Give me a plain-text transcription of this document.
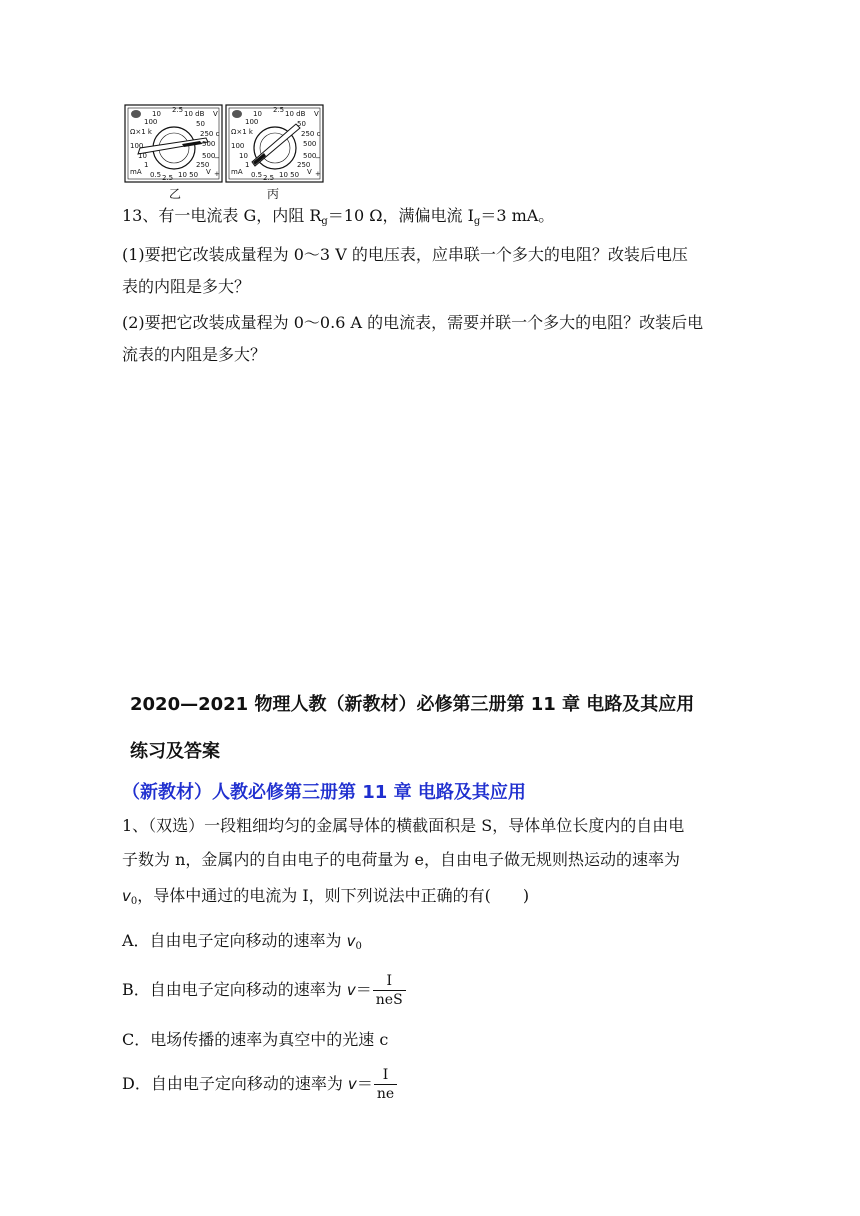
10 2.5 10 dB
100	50
Ω×1 k	250 c
100	500
10	500
1	250
mA 0.5 2.5 10 50 V +
V
−
10 2.5 10 dB
100	50
Ω×1 k	250 c
100	500
10	500
1	250
mA 0.5 2.5 10 50 V +
V
−
乙	丙
13、有一电流表 G，内阻 $R_g=10$ Ω，满偏电流 $I_g=3$ mA。
(1)要把它改装成量程为 0～3 V 的电压表，应串联一个多大的电阻？改装后电压
表的内阻是多大？
(2)要把它改装成量程为 0～0.6 A 的电流表，需要并联一个多大的电阻？改装后电
流表的内阻是多大？
2020—2021 物理人教（新教材）必修第三册第 11 章 电路及其应用
练习及答案
（新教材）人教必修第三册第 11 章 电路及其应用
1、（双选）一段粗细均匀的金属导体的横截面积是 S，导体单位长度内的自由电
子数为 n，金属内的自由电子的电荷量为 e，自由电子做无规则热运动的速率为
$v_0$，导体中通过的电流为 I，则下列说法中正确的有(　　)
A．自由电子定向移动的速率为 $v_0$
B．自由电子定向移动的速率为 $v= \frac{I}{\text{neS}}$
C．电场传播的速率为真空中的光速 c
D．自由电子定向移动的速率为 $v= \frac{I}{ne}$
